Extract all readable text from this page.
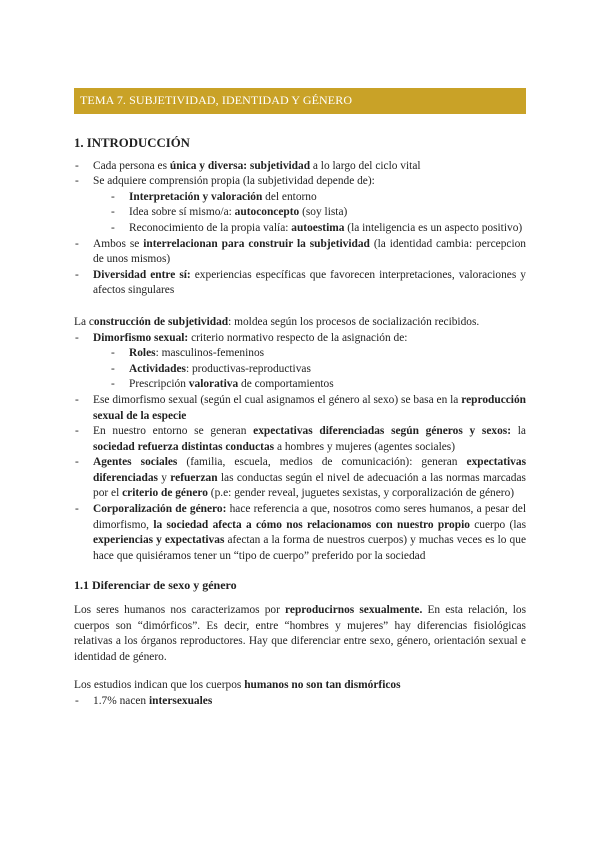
TEMA 7. SUBJETIVIDAD, IDENTIDAD Y GÉNERO
1. INTRODUCCIÓN
- Cada persona es única y diversa: subjetividad a lo largo del ciclo vital
- Se adquiere comprensión propia (la subjetividad depende de):
- Interpretación y valoración del entorno
- Idea sobre sí mismo/a: autoconcepto (soy lista)
- Reconocimiento de la propia valía: autoestima (la inteligencia es un aspecto positivo)
- Ambos se interrelacionan para construir la subjetividad (la identidad cambia: percepcion de unos mismos)
- Diversidad entre sí: experiencias específicas que favorecen interpretaciones, valoraciones y afectos singulares

La construcción de subjetividad: moldea según los procesos de socialización recibidos.

- Dimorfismo sexual: criterio normativo respecto de la asignación de:
- Roles: masculinos-femeninos
- Actividades: productivas-reproductivas
- Prescripción valorativa de comportamientos
- Ese dimorfismo sexual (según el cual asignamos el género al sexo) se basa en la reproducción sexual de la especie
- En nuestro entorno se generan expectativas diferenciadas según géneros y sexos: la sociedad refuerza distintas conductas a hombres y mujeres (agentes sociales)
- Agentes sociales (familia, escuela, medios de comunicación): generan expectativas diferenciadas y refuerzan las conductas según el nivel de adecuación a las normas marcadas por el criterio de género (p.e: gender reveal, juguetes sexistas, y corporalización de género)
- Corporalización de género: hace referencia a que, nosotros como seres humanos, a pesar del dimorfismo, la sociedad afecta a cómo nos relacionamos con nuestro propio cuerpo (las experiencias y expectativas afectan a la forma de nuestros cuerpos) y muchas veces es lo que hace que quisiéramos tener un “tipo de cuerpo” preferido por la sociedad
1.1 Diferenciar de sexo y género

Los seres humanos nos caracterizamos por reproducirnos sexualmente. En esta relación, los cuerpos son “dimórficos”. Es decir, entre “hombres y mujeres” hay diferencias fisiológicas relativas a los órganos reproductores. Hay que diferenciar entre sexo, género, orientación sexual e identidad de género.

Los estudios indican que los cuerpos humanos no son tan dismórficos

- 1.7% nacen intersexuales
